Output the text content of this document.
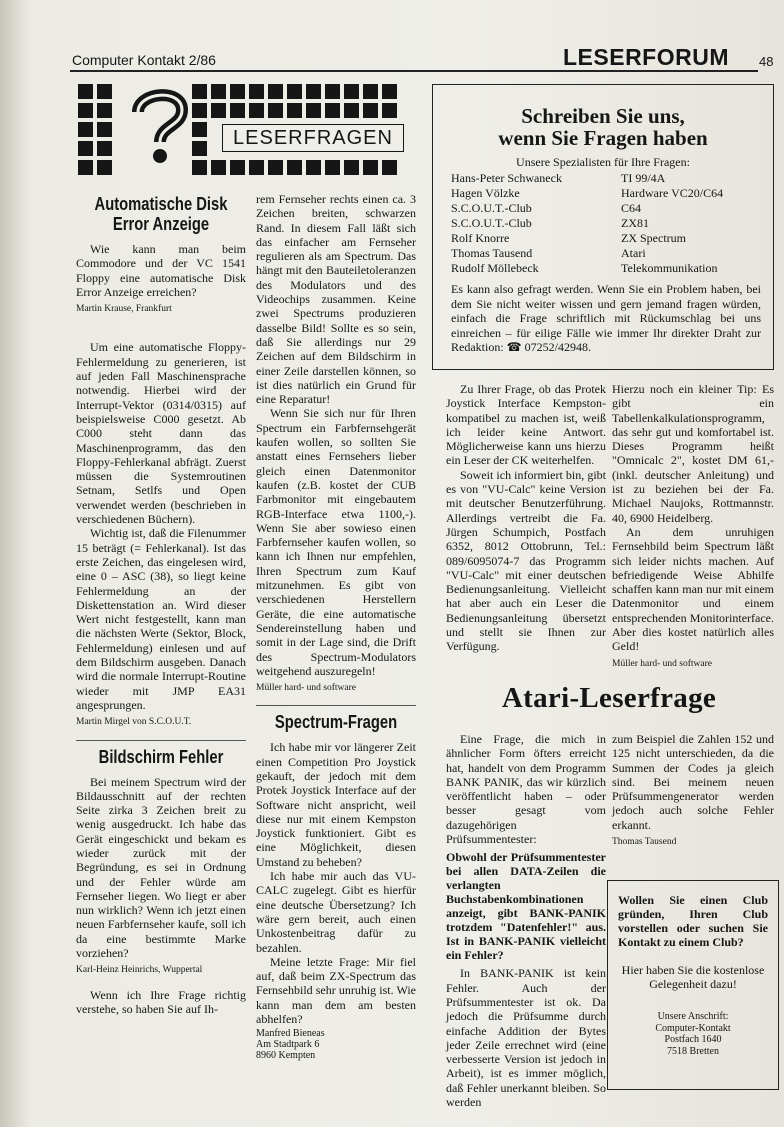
Computer Kontakt 2/86	LESERFORUM 48
LESERFRAGEN
Automatische Disk Error Anzeige

Wie kann man beim Commodore und der VC 1541 Floppy eine automatische Disk Error Anzeige erreichen?

Martin Krause, Frankfurt

Um eine automatische Floppy-Fehlermeldung zu generieren, ist auf jeden Fall Maschinensprache notwendig. Hierbei wird der Interrupt-Vektor (0314/0315) auf beispielsweise C000 gesetzt. Ab C000 steht dann das Maschinenprogramm, das den Floppy-Fehlerkanal abfrägt. Zuerst müssen die Systemroutinen Setnam, Setlfs und Open verwendet werden (beschrieben in verschiedenen Büchern).

Wichtig ist, daß die Filenummer 15 beträgt (= Fehlerkanal). Ist das erste Zeichen, das eingelesen wird, eine 0 – ASC (38), so liegt keine Fehlermeldung an der Diskettenstation an. Wird dieser Wert nicht festgestellt, kann man die nächsten Werte (Sektor, Block, Fehlermeldung) einlesen und auf dem Bildschirm ausgeben. Danach wird die normale Interrupt-Routine wieder mit JMP EA31 angesprungen.

Martin Mirgel von S.C.O.U.T.

Bildschirm Fehler

Bei meinem Spectrum wird der Bildausschnitt auf der rechten Seite zirka 3 Zeichen breit zu wenig ausgedruckt. Ich habe das Gerät eingeschickt und bekam es wieder zurück mit der Begründung, es sei in Ordnung und der Fehler würde am Fernseher liegen. Wo liegt er aber nun wirklich? Wenn ich jetzt einen neuen Farbfernseher kaufe, soll ich da eine bestimmte Marke vorziehen?

Karl-Heinz Heinrichs, Wuppertal

Wenn ich Ihre Frage richtig verstehe, so haben Sie auf Ih-

rem Fernseher rechts einen ca. 3 Zeichen breiten, schwarzen Rand. In diesem Fall läßt sich das einfacher am Fernseher regulieren als am Spectrum. Das hängt mit den Bauteiletoleranzen des Modulators und des Videochips zusammen. Keine zwei Spectrums produzieren dasselbe Bild! Sollte es so sein, daß Sie allerdings nur 29 Zeichen auf dem Bildschirm in einer Zeile darstellen können, so ist dies natürlich ein Grund für eine Reparatur!

Wenn Sie sich nur für Ihren Spectrum ein Farbfernsehgerät kaufen wollen, so sollten Sie anstatt eines Fernsehers lieber gleich einen Datenmonitor kaufen (z.B. kostet der CUB Farbmonitor mit eingebautem RGB-Interface etwa 1100,-). Wenn Sie aber sowieso einen Farbfernseher kaufen wollen, so kann ich Ihnen nur empfehlen, Ihren Spectrum zum Kauf mitzunehmen. Es gibt von verschiedenen Herstellern Geräte, die eine automatische Sendereinstellung haben und somit in der Lage sind, die Drift des Spectrum-Modulators weitgehend auszuregeln!

Müller hard- und software

Spectrum-Fragen

Ich habe mir vor längerer Zeit einen Competition Pro Joystick gekauft, der jedoch mit dem Protek Joystick Interface auf der Software nicht anspricht, weil diese nur mit einem Kempston Joystick funktioniert. Gibt es eine Möglichkeit, diesen Umstand zu beheben?

Ich habe mir auch das VU-CALC zugelegt. Gibt es hierfür eine deutsche Übersetzung? Ich wäre gern bereit, auch einen Unkostenbeitrag dafür zu bezahlen.

Meine letzte Frage: Mir fiel auf, daß beim ZX-Spectrum das Fernsehbild sehr unruhig ist. Wie kann man dem am besten abhelfen?

Manfred Bieneas
Am Stadtpark 6
8960 Kempten
Schreiben Sie uns,
wenn Sie Fragen haben
Unsere Spezialisten für Ihre Fragen:
Hans-Peter Schwaneck	TI 99/4A
Hagen Völzke	Hardware VC20/C64
S.C.O.U.T.-Club	C64
S.C.O.U.T.-Club	ZX81
Rolf Knorre	ZX Spectrum
Thomas Tausend	Atari
Rudolf Möllebeck	Telekommunikation
Es kann also gefragt werden. Wenn Sie ein Problem haben, bei dem Sie nicht weiter wissen und gern jemand fragen würden, einfach die Frage schriftlich mit Rückumschlag bei uns einreichen – für eilige Fälle wie immer Ihr direkter Draht zur Redaktion: ☎ 07252/42948.

Zu Ihrer Frage, ob das Protek Joystick Interface Kempston-kompatibel zu machen ist, weiß ich leider keine Antwort. Möglicherweise kann uns hierzu ein Leser der CK weiterhelfen.

Soweit ich informiert bin, gibt es von "VU-Calc" keine Version mit deutscher Benutzerführung. Allerdings vertreibt die Fa. Jürgen Schumpich, Postfach 6352, 8012 Ottobrunn, Tel.: 089/6095074-7 das Programm "VU-Calc" mit einer deutschen Bedienungsanleitung. Vielleicht hat aber auch ein Leser die Bedienungsanleitung übersetzt und stellt sie Ihnen zur Verfügung.

Hierzu noch ein kleiner Tip: Es gibt ein Tabellenkalkulationsprogramm, das sehr gut und komfortabel ist. Dieses Programm heißt "Omnicalc 2", kostet DM 61,- (inkl. deutscher Anleitung) und ist zu beziehen bei der Fa. Michael Naujoks, Rottmannstr. 40, 6900 Heidelberg.

An dem unruhigen Fernsehbild beim Spectrum läßt sich leider nichts machen. Auf befriedigende Weise Abhilfe schaffen kann man nur mit einem Datenmonitor und einem entsprechenden Monitorinterface. Aber dies kostet natürlich alles Geld!

Müller hard- und software

Atari-Leserfrage

Eine Frage, die mich in ähnlicher Form öfters erreicht hat, handelt von dem Programm BANK PANIK, das wir kürzlich veröffentlicht haben – oder besser gesagt vom dazugehörigen Prüfsummentester:

Obwohl der Prüfsummentester bei allen DATA-Zeilen die verlangten Buchstabenkombinationen anzeigt, gibt BANK-PANIK trotzdem "Datenfehler!" aus. Ist in BANK-PANIK vielleicht ein Fehler?

In BANK-PANIK ist kein Fehler. Auch der Prüfsummentester ist ok. Da jedoch die Prüfsumme durch einfache Addition der Bytes jeder Zeile errechnet wird (eine verbesserte Version ist jedoch in Arbeit), ist es immer möglich, daß Fehler unerkannt bleiben. So werden

zum Beispiel die Zahlen 152 und 125 nicht unterschieden, da die Summen der Codes ja gleich sind. Bei meinem neuen Prüfsummengenerator werden jedoch auch solche Fehler erkannt.

Thomas Tausend

Wollen Sie einen Club gründen, Ihren Club vorstellen oder suchen Sie Kontakt zu einem Club?
Hier haben Sie die kostenlose Gelegenheit dazu!
Unsere Anschrift:
Computer-Kontakt
Postfach 1640
7518 Bretten
